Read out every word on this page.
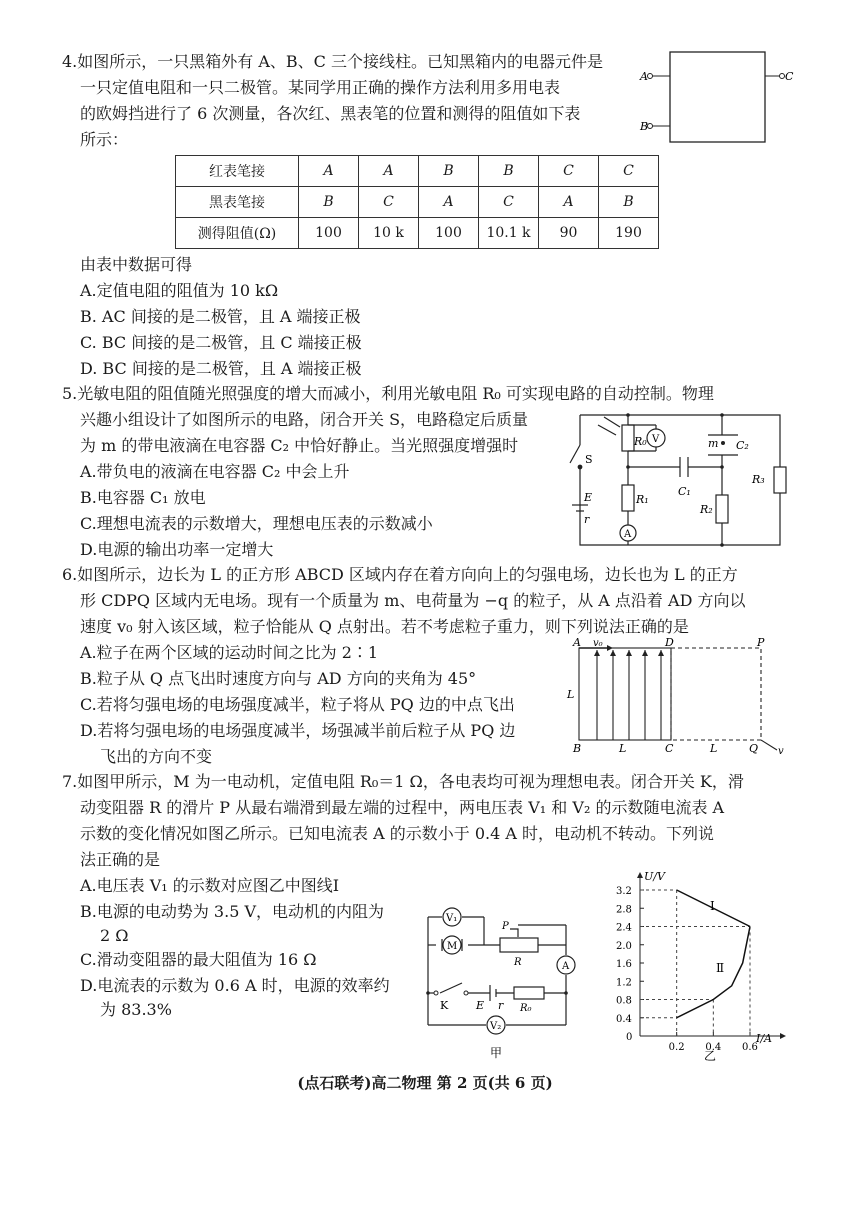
4.如图所示，一只黑箱外有 A、B、C 三个接线柱。已知黑箱内的电器元件是
一只定值电阻和一只二极管。某同学用正确的操作方法利用多用电表
的欧姆挡进行了 6 次测量，各次红、黑表笔的位置和测得的阻值如下表
所示：
A
B
C
红表笔接	A	A	B	B	C	C
黑表笔接	B	C	A	C	A	B
测得阻值(Ω)	100	10 k	100	10.1 k	90	190
由表中数据可得
A.定值电阻的阻值为 10 kΩ
B. AC 间接的是二极管，且 A 端接正极
C. BC 间接的是二极管，且 C 端接正极
D. BC 间接的是二极管，且 A 端接正极
5.光敏电阻的阻值随光照强度的增大而减小，利用光敏电阻 R₀ 可实现电路的自动控制。物理
兴趣小组设计了如图所示的电路，闭合开关 S，电路稳定后质量
为 m 的带电液滴在电容器 C₂ 中恰好静止。当光照强度增强时
A.带负电的液滴在电容器 C₂ 中会上升
B.电容器 C₁ 放电
C.理想电流表的示数增大，理想电压表的示数减小
D.电源的输出功率一定增大
R₀ V	m C₂
S
E
r
R₁
C₁
R₃
R₂
A
6.如图所示，边长为 L 的正方形 ABCD 区域内存在着方向向上的匀强电场，边长也为 L 的正方
形 CDPQ 区域内无电场。现有一个质量为 m、电荷量为 −q 的粒子，从 A 点沿着 AD 方向以
速度 v₀ 射入该区域，粒子恰能从 Q 点射出。若不考虑粒子重力，则下列说法正确的是
A.粒子在两个区域的运动时间之比为 2∶1
B.粒子从 Q 点飞出时速度方向与 AD 方向的夹角为 45°
C.若将匀强电场的电场强度减半，粒子将从 PQ 边的中点飞出
D.若将匀强电场的电场强度减半，场强减半前后粒子从 PQ 边
飞出的方向不变
A v₀	D	P
L
B	L	C	L	Q v
7.如图甲所示，M 为一电动机，定值电阻 R₀＝1 Ω，各电表均可视为理想电表。闭合开关 K，滑
动变阻器 R 的滑片 P 从最右端滑到最左端的过程中，两电压表 V₁ 和 V₂ 的示数随电流表 A
示数的变化情况如图乙所示。已知电流表 A 的示数小于 0.4 A 时，电动机不转动。下列说
法正确的是
A.电压表 V₁ 的示数对应图乙中图线Ⅰ
B.电源的电动势为 3.5 V，电动机的内阻为
2 Ω
C.滑动变阻器的最大阻值为 16 Ω
D.电流表的示数为 0.6 A 时，电源的效率约
为 83.3%
V₁
M
P
R	A
K	E r R₀
V₂
甲
0.4
0.8
1.2
1.6
2.0
2.4
2.8
3.2
0.2 0.4 0.6
I/A
U/V
0
Ⅰ
Ⅱ
乙
(点石联考)高二物理 第 2 页(共 6 页)
